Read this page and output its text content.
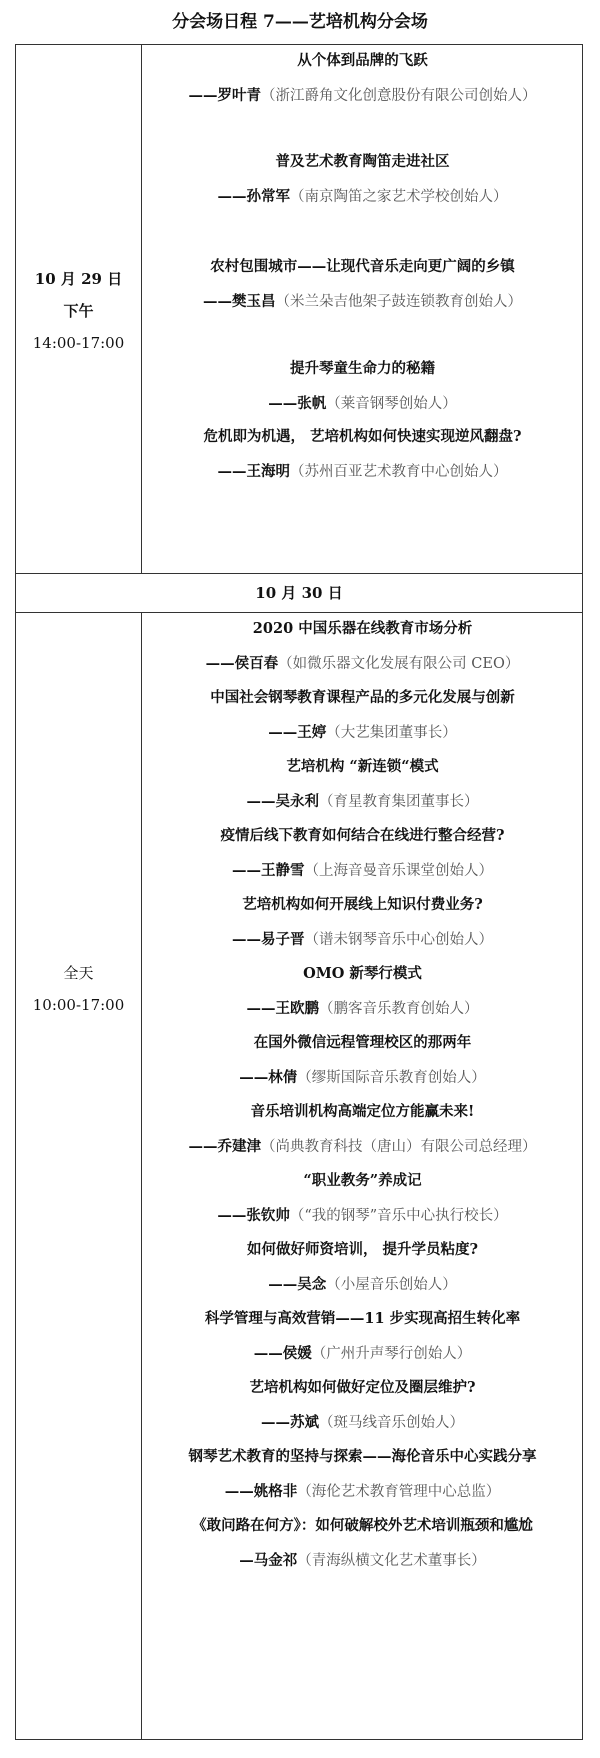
分会场日程 7——艺培机构分会场
10 月 29 日
下午
14:00-17:00
从个体到品牌的飞跃
——罗叶青（浙江爵角文化创意股份有限公司创始人）
普及艺术教育陶笛走进社区
——孙常军（南京陶笛之家艺术学校创始人）
农村包围城市——让现代音乐走向更广阔的乡镇
——樊玉昌（米兰朵吉他架子鼓连锁教育创始人）
提升琴童生命力的秘籍
——张帆（莱音钢琴创始人）
危机即为机遇， 艺培机构如何快速实现逆风翻盘?
——王海明（苏州百亚艺术教育中心创始人）
10 月 30 日
全天
10:00-17:00
2020 中国乐器在线教育市场分析
——侯百春（如微乐器文化发展有限公司 CEO）
中国社会钢琴教育课程产品的多元化发展与创新
——王婷（大艺集团董事长）
艺培机构 “新连锁“模式
——吴永利（育星教育集团董事长）
疫情后线下教育如何结合在线进行整合经营?
——王静雪（上海音曼音乐课堂创始人）
艺培机构如何开展线上知识付费业务?
——易子晋（谱未钢琴音乐中心创始人）
OMO 新琴行模式
——王欧鹏（鹏客音乐教育创始人）
在国外微信远程管理校区的那两年
——林倩（缪斯国际音乐教育创始人）
音乐培训机构高端定位方能赢未来!
——乔建津（尚典教育科技（唐山）有限公司总经理）
“职业教务”养成记
——张钦帅（“我的钢琴”音乐中心执行校长）
如何做好师资培训， 提升学员粘度?
——吴念（小屋音乐创始人）
科学管理与高效营销——11 步实现高招生转化率
——侯媛（广州升声琴行创始人）
艺培机构如何做好定位及圈层维护?
——苏斌（斑马线音乐创始人）
钢琴艺术教育的坚持与探索——海伦音乐中心实践分享
——姚格非（海伦艺术教育管理中心总监）
《敢问路在何方》：如何破解校外艺术培训瓶颈和尴尬
—马金祁（青海纵横文化艺术董事长）
